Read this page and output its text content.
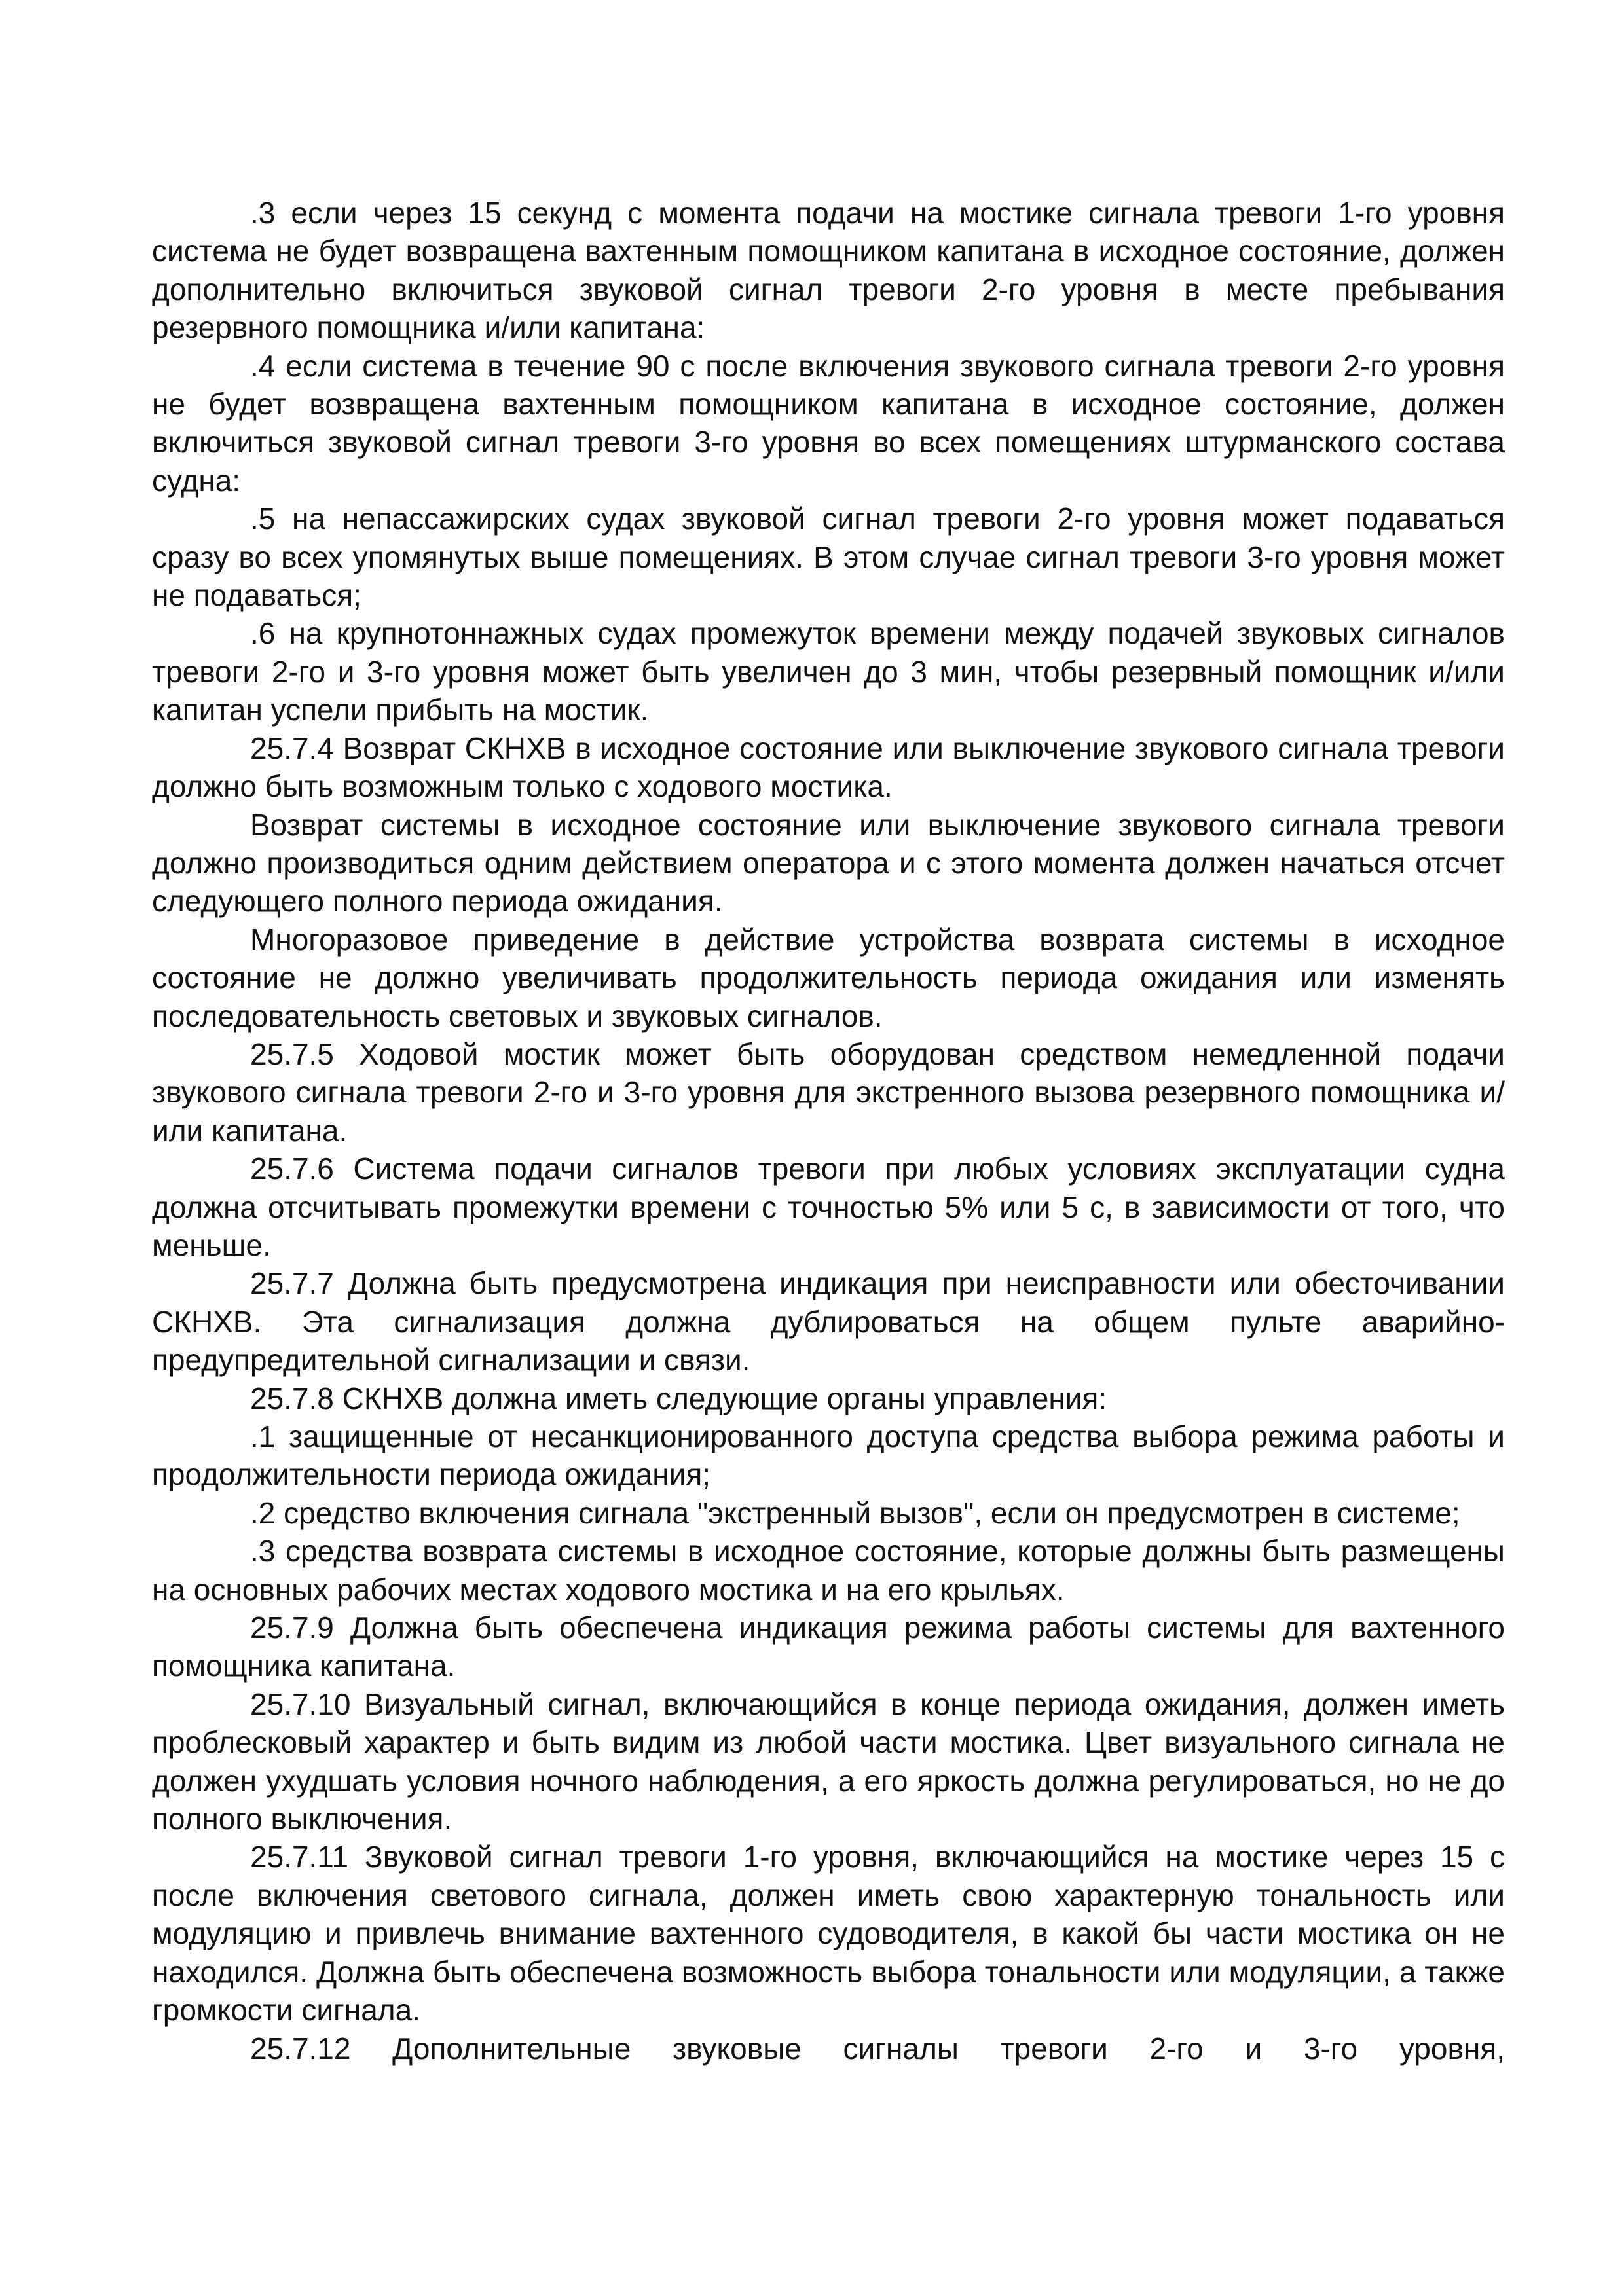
.3 если через 15 секунд с момента подачи на мостике сигнала тревоги 1-го уровня система не будет возвращена вахтенным помощником капитана в исходное состояние, должен дополнительно включиться звуковой сигнал тревоги 2-го уровня в месте пребывания резервного помощника и/или капитана:

.4 если система в течение 90 с после включения звукового сигнала тревоги 2-го уровня не будет возвращена вахтенным помощником капитана в исходное состояние, должен включиться звуковой сигнал тревоги 3-го уровня во всех помещениях штурманского состава судна:

.5 на непассажирских судах звуковой сигнал тревоги 2-го уровня может подаваться сразу во всех упомянутых выше помещениях. В этом случае сигнал тревоги 3-го уровня может не подаваться;

.6 на крупнотоннажных судах промежуток времени между подачей звуковых сигналов тревоги 2-го и 3-го уровня может быть увеличен до 3 мин, чтобы резервный помощник и/или капитан успели прибыть на мостик.

25.7.4 Возврат СКНХВ в исходное состояние или выключение звукового сигнала тревоги должно быть возможным только с ходового мостика.

Возврат системы в исходное состояние или выключение звукового сигнала тревоги должно производиться одним действием оператора и с этого момента должен начаться отсчет следующего полного периода ожидания.

Многоразовое приведение в действие устройства возврата системы в исходное состояние не должно увеличивать продолжительность периода ожидания или изменять последовательность световых и звуковых сигналов.

25.7.5 Ходовой мостик может быть оборудован средством немедленной подачи звукового сигнала тревоги 2-го и 3-го уровня для экстренного вызова резервного помощника и/или капитана.

25.7.6 Система подачи сигналов тревоги при любых условиях эксплуатации судна должна отсчитывать промежутки времени с точностью 5% или 5 с, в зависимости от того, что меньше.

25.7.7 Должна быть предусмотрена индикация при неисправности или обесточивании СКНХВ. Эта сигнализация должна дублироваться на общем пульте аварийно-предупредительной сигнализации и связи.

25.7.8 СКНХВ должна иметь следующие органы управления:

.1 защищенные от несанкционированного доступа средства выбора режима работы и продолжительности периода ожидания;

.2 средство включения сигнала "экстренный вызов", если он предусмотрен в системе;

.3 средства возврата системы в исходное состояние, которые должны быть размещены на основных рабочих местах ходового мостика и на его крыльях.

25.7.9 Должна быть обеспечена индикация режима работы системы для вахтенного помощника капитана.

25.7.10 Визуальный сигнал, включающийся в конце периода ожидания, должен иметь проблесковый характер и быть видим из любой части мостика. Цвет визуального сигнала не должен ухудшать условия ночного наблюдения, а его яркость должна регулироваться, но не до полного выключения.

25.7.11 Звуковой сигнал тревоги 1-го уровня, включающийся на мостике через 15 с после включения светового сигнала, должен иметь свою характерную тональность или модуляцию и привлечь внимание вахтенного судоводителя, в какой бы части мостика он не находился. Должна быть обеспечена возможность выбора тональности или модуляции, а также громкости сигнала.

25.7.12 Дополнительные звуковые сигналы тревоги 2-го и 3-го уровня,
